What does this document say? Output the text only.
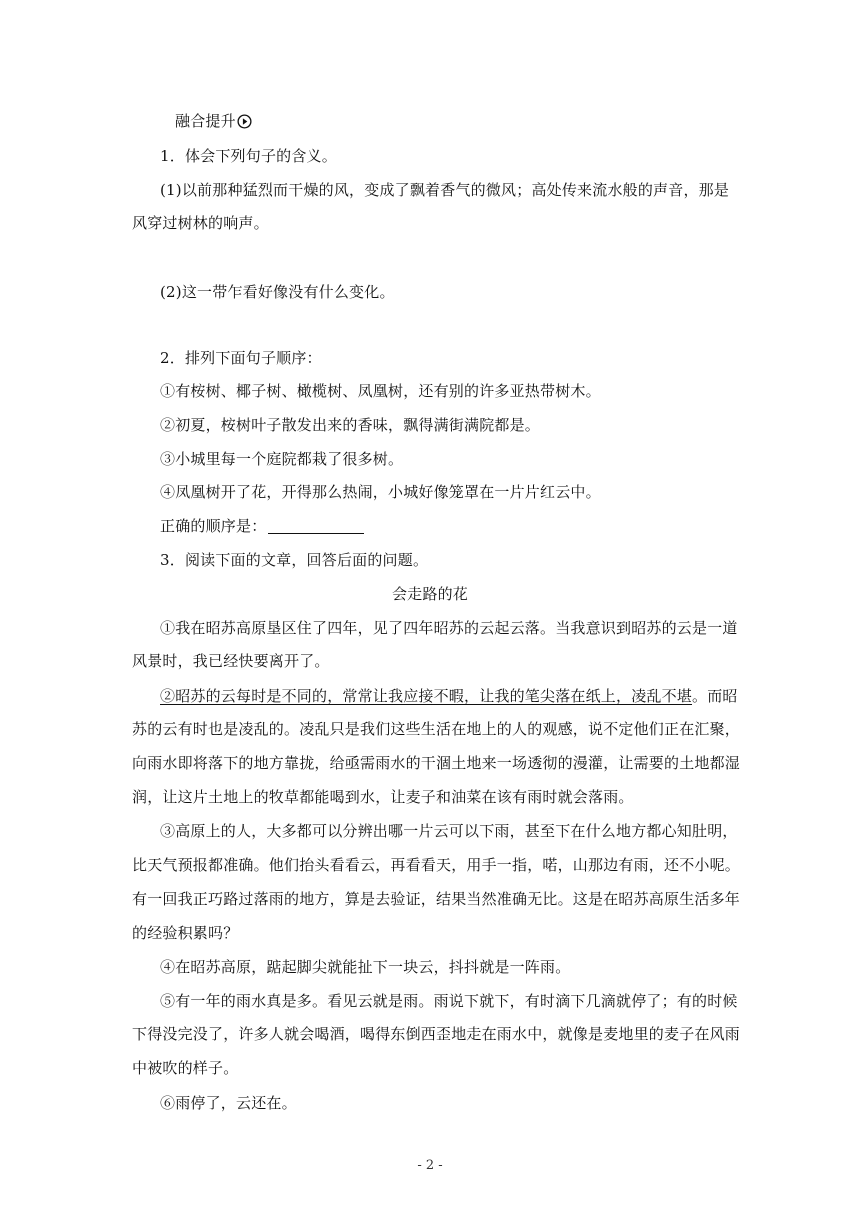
融合提升
1．体会下列句子的含义。
(1)以前那种猛烈而干燥的风，变成了飘着香气的微风；高处传来流水般的声音，那是
风穿过树林的响声。
(2)这一带乍看好像没有什么变化。
2．排列下面句子顺序：
①有桉树、椰子树、橄榄树、凤凰树，还有别的许多亚热带树木。
②初夏，桉树叶子散发出来的香味，飘得满街满院都是。
③小城里每一个庭院都栽了很多树。
④凤凰树开了花，开得那么热闹，小城好像笼罩在一片片红云中。
正确的顺序是：
3．阅读下面的文章，回答后面的问题。
会走路的花
①我在昭苏高原垦区住了四年，见了四年昭苏的云起云落。当我意识到昭苏的云是一道
风景时，我已经快要离开了。
②昭苏的云每时是不同的，常常让我应接不暇，让我的笔尖落在纸上，凌乱不堪。而昭
苏的云有时也是凌乱的。凌乱只是我们这些生活在地上的人的观感，说不定他们正在汇聚，
向雨水即将落下的地方靠拢，给亟需雨水的干涸土地来一场透彻的漫灌，让需要的土地都湿
润，让这片土地上的牧草都能喝到水，让麦子和油菜在该有雨时就会落雨。
③高原上的人，大多都可以分辨出哪一片云可以下雨，甚至下在什么地方都心知肚明，
比天气预报都准确。他们抬头看看云，再看看天，用手一指，喏，山那边有雨，还不小呢。
有一回我正巧路过落雨的地方，算是去验证，结果当然准确无比。这是在昭苏高原生活多年
的经验积累吗？
④在昭苏高原，踮起脚尖就能扯下一块云，抖抖就是一阵雨。
⑤有一年的雨水真是多。看见云就是雨。雨说下就下，有时滴下几滴就停了；有的时候
下得没完没了，许多人就会喝酒，喝得东倒西歪地走在雨水中，就像是麦地里的麦子在风雨
中被吹的样子。
⑥雨停了，云还在。
- 2 -
